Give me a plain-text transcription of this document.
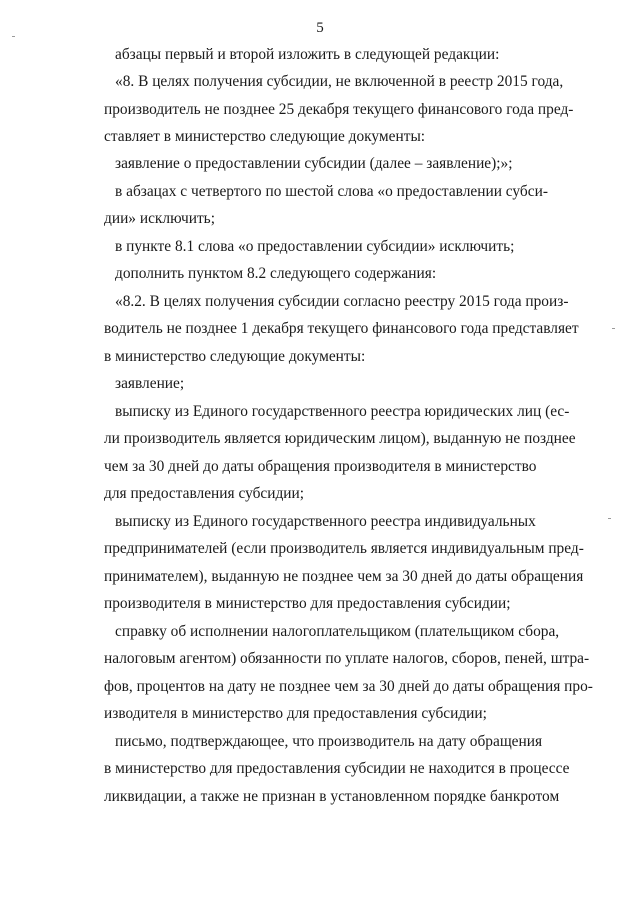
5
абзацы первый и второй изложить в следующей редакции:
«8. В целях получения субсидии, не включенной в реестр 2015 года,
производитель не позднее 25 декабря текущего финансового года пред-
ставляет в министерство следующие документы:
заявление о предоставлении субсидии (далее – заявление);»;
в абзацах с четвертого по шестой слова «о предоставлении субси-
дии» исключить;
в пункте 8.1 слова «о предоставлении субсидии» исключить;
дополнить пунктом 8.2 следующего содержания:
«8.2. В целях получения субсидии согласно реестру 2015 года произ-
водитель не позднее 1 декабря текущего финансового года представляет
в министерство следующие документы:
заявление;
выписку из Единого государственного реестра юридических лиц (ес-
ли производитель является юридическим лицом), выданную не позднее
чем за 30 дней до даты обращения производителя в министерство
для предоставления субсидии;
выписку из Единого государственного реестра индивидуальных
предпринимателей (если производитель является индивидуальным пред-
принимателем), выданную не позднее чем за 30 дней до даты обращения
производителя в министерство для предоставления субсидии;
справку об исполнении налогоплательщиком (плательщиком сбора,
налоговым агентом) обязанности по уплате налогов, сборов, пеней, штра-
фов, процентов на дату не позднее чем за 30 дней до даты обращения про-
изводителя в министерство для предоставления субсидии;
письмо, подтверждающее, что производитель на дату обращения
в министерство для предоставления субсидии не находится в процессе
ликвидации, а также не признан в установленном порядке банкротом
